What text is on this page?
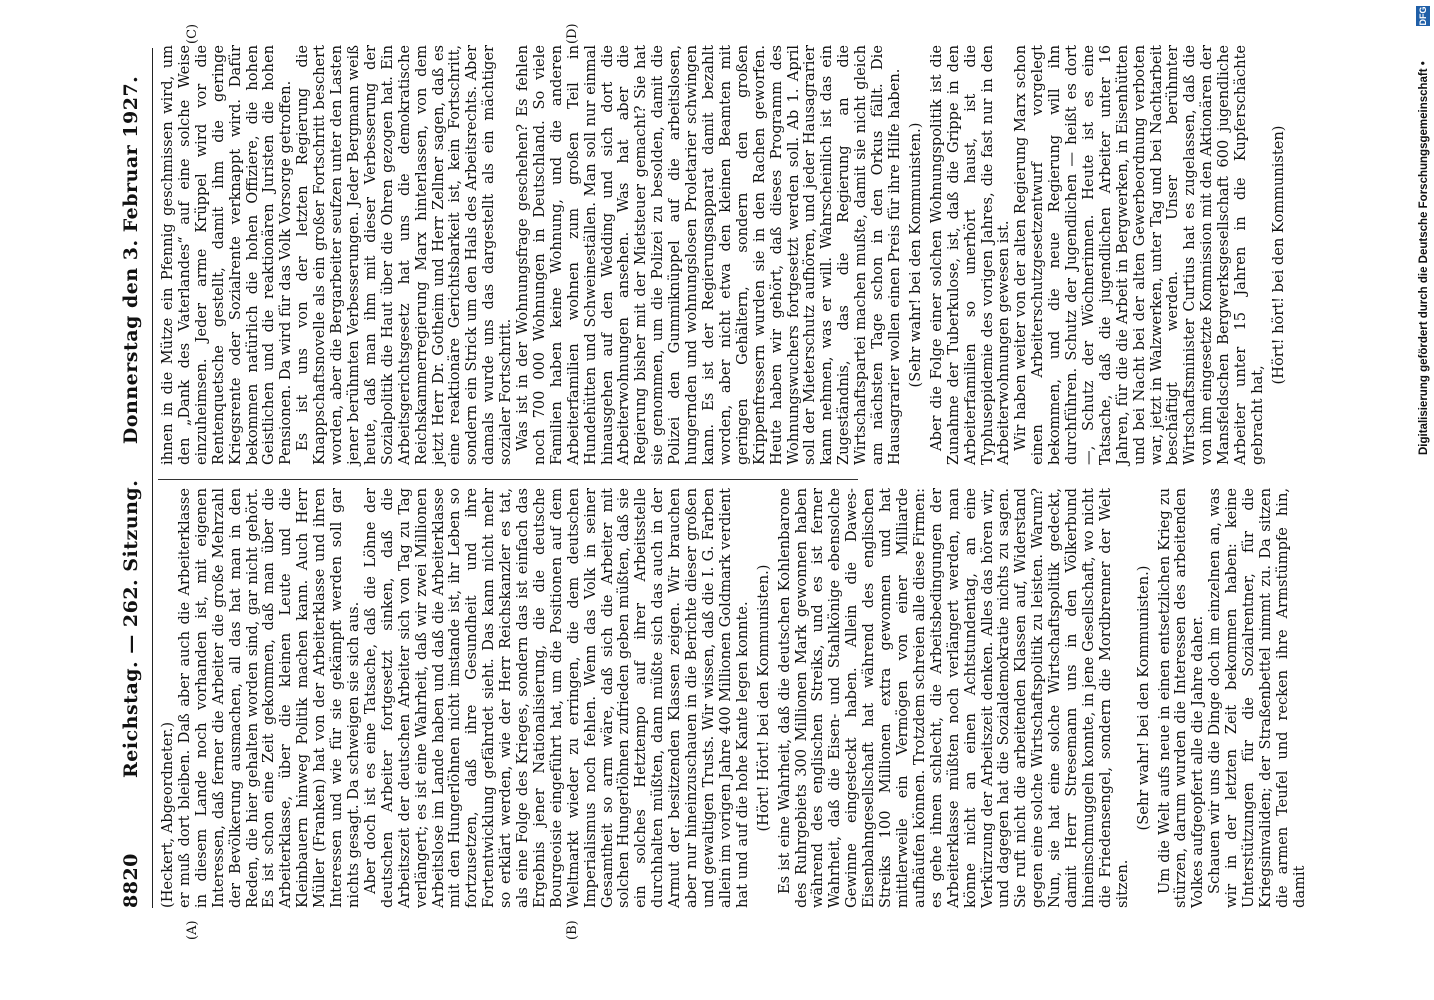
8820
Reichstag. — 262. Sitzung.     Donnerstag den 3. Februar 1927.
(A)	(B)
(C)	(D)

(Heckert, Abgeordneter.) er muß dort bleiben. Daß aber auch die Arbeiterklasse in diesem Lande noch vorhanden ist, mit eigenen Interessen, daß ferner die Arbeiter die große Mehrzahl der Bevölkerung ausmachen, all das hat man in den Reden, die hier gehalten worden sind, gar nicht gehört. Es ist schon eine Zeit gekommen, daß man über die Arbeiterklasse, über die kleinen Leute und die Kleinbauern hinweg Politik machen kann. Auch Herr Müller (Franken) hat von der Arbeiterklasse und ihren Interessen und wie für sie gekämpft werden soll gar nichts gesagt. Da schweigen sie sich aus. Aber doch ist es eine Tatsache, daß die Löhne der deutschen Arbeiter fortgesetzt sinken, daß die Arbeitszeit der deutschen Arbeiter sich von Tag zu Tag verlängert; es ist eine Wahrheit, daß wir zwei Millionen Arbeitslose im Lande haben und daß die Arbeiterklasse mit den Hungerlöhnen nicht imstande ist, ihr Leben so fortzusetzen, daß ihre Gesundheit und ihre Fortentwicklung gefährdet sieht. Das kann nicht mehr so erklärt werden, wie der Herr Reichskanzler es tat, als eine Folge des Krieges, sondern das ist einfach das Ergebnis jener Nationalisierung, die die deutsche Bourgeoisie eingeführt hat, um die Positionen auf dem Weltmarkt wieder zu erringen, die dem deutschen Imperialismus noch fehlen. Wenn das Volk in seiner Gesamtheit so arm wäre, daß sich die Arbeiter mit solchen Hungerlöhnen zufrieden geben müßten, daß sie ein solches Hetztempo auf ihrer Arbeitsstelle durchhalten müßten, dann müßte sich das auch in der Armut der besitzenden Klassen zeigen. Wir brauchen aber nur hineinzuschauen in die Berichte dieser großen und gewaltigen Trusts. Wir wissen, daß die I. G. Farben allein im vorigen Jahre 400 Millionen Goldmark verdient hat und auf die hohe Kante legen konnte. (Hört! Hört! bei den Kommunisten.) Es ist eine Wahrheit, daß die deutschen Kohlenbarone des Ruhrgebiets 300 Millionen Mark gewonnen haben während des englischen Streiks, und es ist ferner Wahrheit, daß die Eisen- und Stahlkönige ebensolche Gewinne eingesteckt haben. Allein die Dawes-Eisenbahngesellschaft hat während des englischen Streiks 100 Millionen extra gewonnen und hat mittlerweile ein Vermögen von einer Milliarde aufhäufen können. Trotzdem schreien alle diese Firmen: es gehe ihnen schlecht, die Arbeitsbedingungen der Arbeiterklasse müßten noch verlängert werden, man könne nicht an einen Achtstundentag, an eine Verkürzung der Arbeitszeit denken. Alles das hören wir, und dagegen hat die Sozialdemokratie nichts zu sagen. Sie ruft nicht die arbeitenden Klassen auf, Widerstand gegen eine solche Wirtschaftspolitik zu leisten. Warum? Nun, sie hat eine solche Wirtschaftspolitik gedeckt, damit Herr Stresemann uns in den Völkerbund hineinschmuggeln konnte, in jene Gesellschaft, wo nicht die Friedensengel, sondern die Mordbrenner der Welt sitzen.

(Sehr wahr! bei den Kommunisten.) Um die Welt aufs neue in einen entsetzlichen Krieg zu stürzen, darum wurden die Interessen des arbeitenden Volkes aufgeopfert alle die Jahre daher. Schauen wir uns die Dinge doch im einzelnen an, was wir in der letzten Zeit bekommen haben: keine Unterstützungen für die Sozialrentner, für die Kriegsinvaliden; der Straßenbettel nimmt zu. Da sitzen die armen Teufel und recken ihre Armstümpfe hin, damit

ihnen in die Mütze ein Pfennig geschmissen wird, um den „Dank des Vaterlandes“ auf eine solche Weise einzuheimsen. Jeder arme Krüppel wird vor die Rentenquetsche gestellt, damit ihm die geringe Kriegsrente oder Sozialrente verknappt wird. Dafür bekommen natürlich die hohen Offiziere, die hohen Geistlichen und die reaktionären Juristen die hohen Pensionen. Da wird für das Volk Vorsorge getroffen. Es ist uns von der letzten Regierung die Knappschaftsnovelle als ein großer Fortschritt beschert worden, aber die Bergarbeiter seufzen unter den Lasten jener berühmten Verbesserungen. Jeder Bergmann weiß heute, daß man ihm mit dieser Verbesserung der Sozialpolitik die Haut über die Ohren gezogen hat. Ein Arbeitsgerichtsgesetz hat uns die demokratische Reichskammerregierung Marx hinterlassen, von dem jetzt Herr Dr. Gotheim und Herr Zellner sagen, daß es eine reaktionäre Gerichtsbarkeit ist, kein Fortschritt, sondern ein Strick um den Hals des Arbeitsrechts. Aber damals wurde uns das dargestellt als ein mächtiger sozialer Fortschritt. Was ist in der Wohnungsfrage geschehen? Es fehlen noch 700 000 Wohnungen in Deutschland. So viele Familien haben keine Wohnung, und die anderen Arbeiterfamilien wohnen zum großen Teil in Hundehütten und Schweineställen. Man soll nur einmal hinausgehen auf den Wedding und sich dort die Arbeiterwohnungen ansehen. Was hat aber die Regierung bisher mit der Mietsteuer gemacht? Sie hat sie genommen, um die Polizei zu besolden, damit die Polizei den Gummiknüppel auf die arbeitslosen, hungernden und wohnungslosen Proletarier schwingen kann. Es ist der Regierungsapparat damit bezahlt worden, aber nicht etwa den kleinen Beamten mit geringen Gehältern, sondern den großen Krippenfressern wurden sie in den Rachen geworfen. Heute haben wir gehört, daß dieses Programm des Wohnungswuchers fortgesetzt werden soll. Ab 1. April soll der Mieterschutz aufhören, und jeder Hausagrarier kann nehmen, was er will. Wahrscheinlich ist das ein Zugeständnis, das die Regierung an die Wirtschaftspartei machen mußte, damit sie nicht gleich am nächsten Tage schon in den Orkus fällt. Die Hausagrarier wollen einen Preis für ihre Hilfe haben. (Sehr wahr! bei den Kommunisten.) Aber die Folge einer solchen Wohnungspolitik ist die Zunahme der Tuberkulose, ist, daß die Grippe in den Arbeiterfamilien so unerhört haust, ist die Typhusepidemie des vorigen Jahres, die fast nur in den Arbeiterwohnungen gewesen ist. Wir haben weiter von der alten Regierung Marx schon einen Arbeiterschutzgesetzentwurf vorgelegt bekommen, und die neue Regierung will ihn durchführen. Schutz der Jugendlichen — heißt es dort —, Schutz der Wöchnerinnen. Heute ist es eine Tatsache, daß die jugendlichen Arbeiter unter 16 Jahren, für die die Arbeit in Bergwerken, in Eisenhütten und bei Nacht bei der alten Gewerbeordnung verboten war, jetzt in Walzwerken, unter Tag und bei Nachtarbeit beschäftigt werden. Unser berühmter Wirtschaftsminister Curtius hat es zugelassen, daß die von ihm eingesetzte Kommission mit den Aktionären der Mansfeldschen Bergwerksgesellschaft 600 jugendliche Arbeiter unter 15 Jahren in die Kupferschächte gebracht hat,

(Hört! hört! bei den Kommunisten)	Digitalisierung gefördert durch die Deutsche Forschungsgemeinschaft •
DFG
